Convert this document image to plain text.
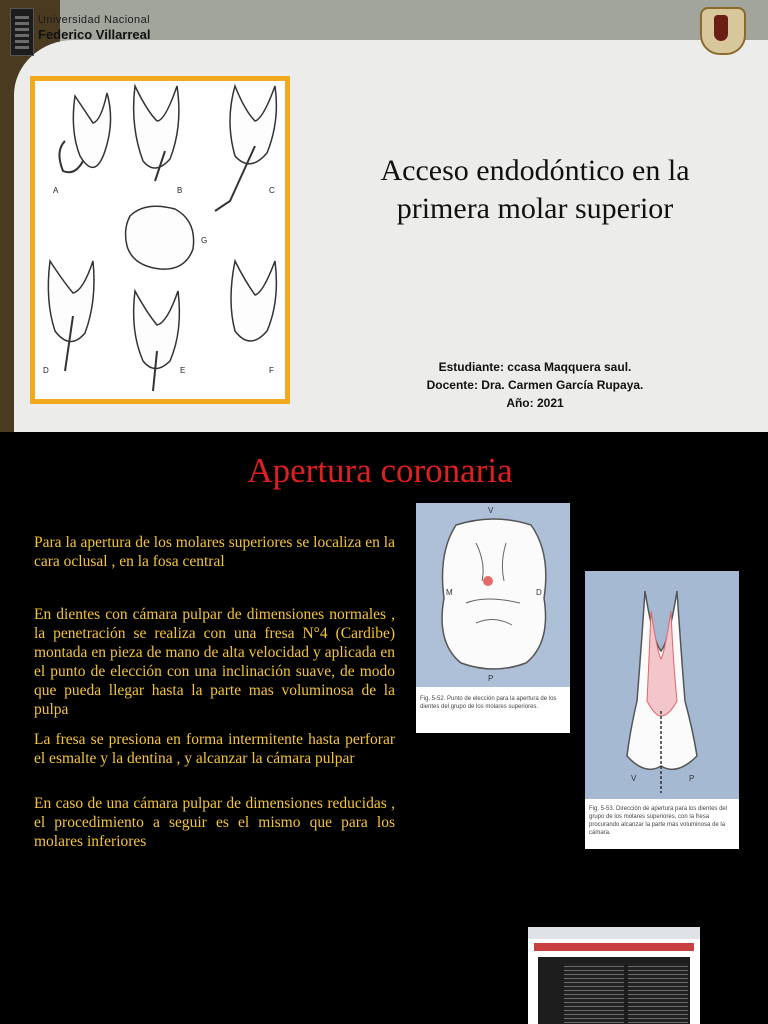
Universidad Nacional
Federico Villarreal
A	B	C
G
D	E	F
Acceso endodóntico en la
primera molar superior
Estudiante: ccasa Maqquera saul.
Docente: Dra. Carmen García Rupaya.
Año: 2021
Apertura coronaria
Para la apertura de los molares superiores se localiza en la cara oclusal , en la fosa central
En dientes con cámara pulpar de dimensiones normales , la penetración se realiza con una fresa N°4 (Cardibe) montada en pieza de mano de alta velocidad y aplicada en el punto de elección con una inclinación suave, de modo que pueda llegar hasta la parte mas voluminosa de la pulpa
La fresa se presiona en forma intermitente hasta perforar el esmalte y la dentina , y alcanzar la cámara pulpar
En caso de una cámara pulpar de dimensiones reducidas , el procedimiento a seguir es el mismo que para los molares inferiores
V
M	D
P
Fig. 5-52. Punto de elección para la apertura de los dientes del grupo de los molares superiores.
V	P
Fig. 5-53. Dirección de apertura para los dientes del grupo de los molares superiores, con la fresa procurando alcanzar la parte más voluminosa de la cámara.
